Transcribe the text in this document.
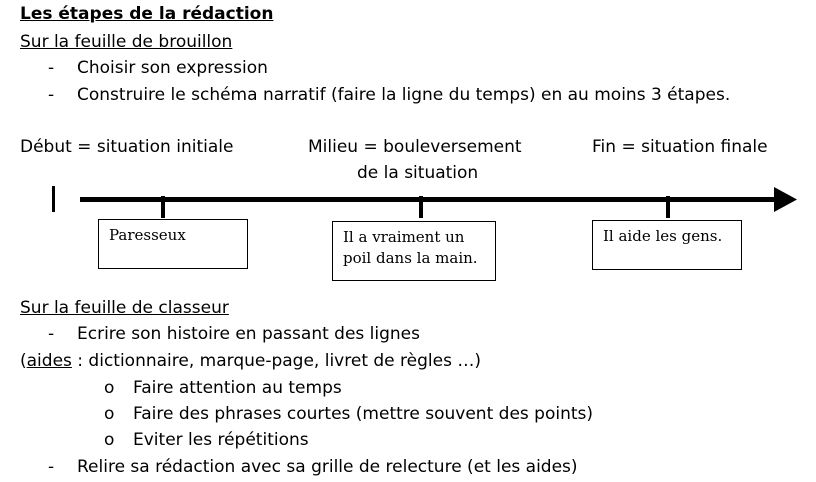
Les étapes de la rédaction
Sur la feuille de brouillon
- Choisir son expression
- Construire le schéma narratif (faire la ligne du temps) en au moins 3 étapes.
Début = situation initiale	Milieu = bouleversement
de la situation
Fin = situation finale
Paresseux	Il a vraiment un
poil dans la main.
Il aide les gens.
Sur la feuille de classeur
- Ecrire son histoire en passant des lignes
(aides : dictionnaire, marque-page, livret de règles …)
o Faire attention au temps
o Faire des phrases courtes (mettre souvent des points)
o Eviter les répétitions
- Relire sa rédaction avec sa grille de relecture (et les aides)
